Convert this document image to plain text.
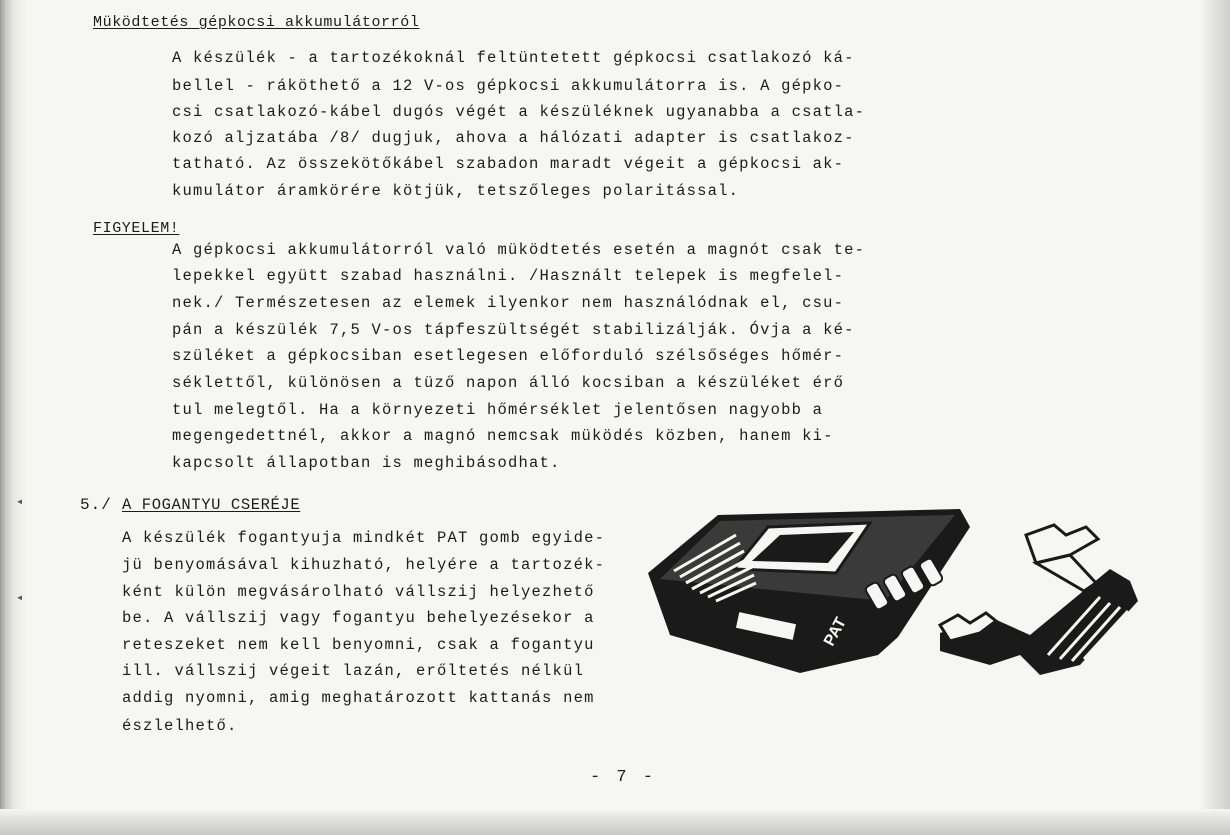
◂
◂
Müködtetés gépkocsi akkumulátorról
A készülék - a tartozékoknál feltüntetett gépkocsi csatlakozó ká-
bellel - ráköthető a 12 V-os gépkocsi akkumulátorra is. A gépko-
csi csatlakozó-kábel dugós végét a készüléknek ugyanabba a csatla-
kozó aljzatába /8/ dugjuk, ahova a hálózati adapter is csatlakoz-
tatható. Az összekötőkábel szabadon maradt végeit a gépkocsi ak-
kumulátor áramkörére kötjük, tetszőleges polaritással.
FIGYELEM!
A gépkocsi akkumulátorról való müködtetés esetén a magnót csak te-
lepekkel együtt szabad használni. /Használt telepek is megfelel-
nek./ Természetesen az elemek ilyenkor nem használódnak el, csu-
pán a készülék 7,5 V-os tápfeszültségét stabilizálják. Óvja a ké-
szüléket a gépkocsiban esetlegesen előforduló szélsőséges hőmér-
séklettől, különösen a tüző napon álló kocsiban a készüléket érő
tul melegtől. Ha a környezeti hőmérséklet jelentősen nagyobb a
megengedettnél, akkor a magnó nemcsak müködés közben, hanem ki-
kapcsolt állapotban is meghibásodhat.
5./ A FOGANTYU CSERÉJE
A készülék fogantyuja mindkét PAT gomb egyide-
jü benyomásával kihuzható, helyére a tartozék-
ként külön megvásárolható vállszij helyezhető
be. A vállszij vagy fogantyu behelyezésekor a
reteszeket nem kell benyomni, csak a fogantyu
ill. vállszij végeit lazán, erőltetés nélkül
addig nyomni, amig meghatározott kattanás nem
észlelhető.
PAT
- 7 -
